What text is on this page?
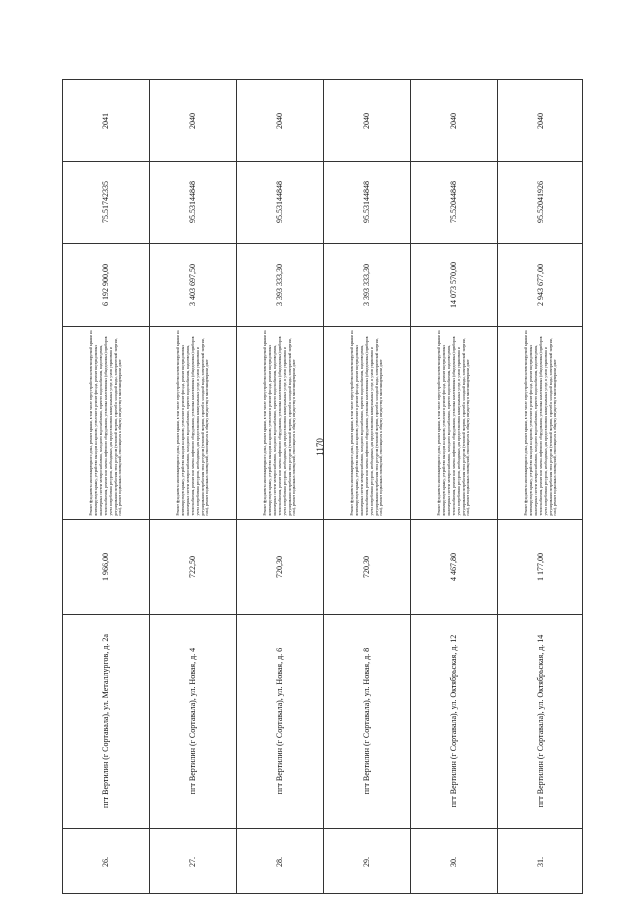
1170
2041
75.51742335
6 192 900,00
Ремонт фундамента многоквартирного дома, ремонт крыши, в том числе переустройство невентилируемой крыши на вентилируемую крышу, устройство выходов на кровлю, утепление и ремонт фасада, ремонт внутридомовых инженерных систем электроснабжения, холодного водоснабжения, горячего водоснабжения, водоотведения, теплоснабжения, ремонт или замена лифтового оборудования, установка коллективных (общедомовых) приборов учета потребления ресурсов, необходимых для предоставления коммунальных услуг, и узлов управления и регулирования потребления этих ресурсов (тепловой энергии, горячей и холодной воды, электрической энергии, газа), ремонт подвальных помещений, относящихся к общему имуществу в многоквартирном доме
1 966,00
пгт Вертилин (г Сортавала), ул. Металлургов, д. 2а
26.
2040
95.53144848
3 403 697,50
Ремонт фундамента многоквартирного дома, ремонт крыши, в том числе переустройство невентилируемой крыши на вентилируемую крышу, устройство выходов на кровлю, утепление и ремонт фасада, ремонт внутридомовых инженерных систем электроснабжения, холодного водоснабжения, горячего водоснабжения, водоотведения, теплоснабжения, ремонт или замена лифтового оборудования, установка коллективных (общедомовых) приборов учета потребления ресурсов, необходимых для предоставления коммунальных услуг, и узлов управления и регулирования потребления этих ресурсов (тепловой энергии, горячей и холодной воды, электрической энергии, газа), ремонт подвальных помещений, относящихся к общему имуществу в многоквартирном доме
722,50
пгт Вертилин (г Сортавала), ул. Новая, д. 4
27.
2040
95.53144848
3 393 333,30
Ремонт фундамента многоквартирного дома, ремонт крыши, в том числе переустройство невентилируемой крыши на вентилируемую крышу, устройство выходов на кровлю, утепление и ремонт фасада, ремонт внутридомовых инженерных систем электроснабжения, холодного водоснабжения, горячего водоснабжения, водоотведения, теплоснабжения, ремонт или замена лифтового оборудования, установка коллективных (общедомовых) приборов учета потребления ресурсов, необходимых для предоставления коммунальных услуг, и узлов управления и регулирования потребления этих ресурсов (тепловой энергии, горячей и холодной воды, электрической энергии, газа), ремонт подвальных помещений, относящихся к общему имуществу в многоквартирном доме
720,30
пгт Вертилин (г Сортавала), ул. Новая, д. 6
28.
2040
95.53144848
3 393 333,30
Ремонт фундамента многоквартирного дома, ремонт крыши, в том числе переустройство невентилируемой крыши на вентилируемую крышу, устройство выходов на кровлю, утепление и ремонт фасада, ремонт внутридомовых инженерных систем электроснабжения, холодного водоснабжения, горячего водоснабжения, водоотведения, теплоснабжения, ремонт или замена лифтового оборудования, установка коллективных (общедомовых) приборов учета потребления ресурсов, необходимых для предоставления коммунальных услуг, и узлов управления и регулирования потребления этих ресурсов (тепловой энергии, горячей и холодной воды, электрической энергии, газа), ремонт подвальных помещений, относящихся к общему имуществу в многоквартирном доме
720,30
пгт Вертилин (г Сортавала), ул. Новая, д. 8
29.
2040
75.52044848
14 073 570,00
Ремонт фундамента многоквартирного дома, ремонт крыши, в том числе переустройство невентилируемой крыши на вентилируемую крышу, устройство выходов на кровлю, утепление и ремонт фасада, ремонт внутридомовых инженерных систем электроснабжения, холодного водоснабжения, горячего водоснабжения, водоотведения, теплоснабжения, ремонт или замена лифтового оборудования, установка коллективных (общедомовых) приборов учета потребления ресурсов, необходимых для предоставления коммунальных услуг, и узлов управления и регулирования потребления этих ресурсов (тепловой энергии, горячей и холодной воды, электрической энергии, газа), ремонт подвальных помещений, относящихся к общему имуществу в многоквартирном доме
4 467,80
пгт Вертилин (г Сортавала), ул. Октябрьская, д. 12
30.
2040
95.52041926
2 943 677,00
Ремонт фундамента многоквартирного дома, ремонт крыши, в том числе переустройство невентилируемой крыши на вентилируемую крышу, устройство выходов на кровлю, утепление и ремонт фасада, ремонт внутридомовых инженерных систем электроснабжения, холодного водоснабжения, горячего водоснабжения, водоотведения, теплоснабжения, ремонт или замена лифтового оборудования, установка коллективных (общедомовых) приборов учета потребления ресурсов, необходимых для предоставления коммунальных услуг, и узлов управления и регулирования потребления этих ресурсов (тепловой энергии, горячей и холодной воды, электрической энергии, газа), ремонт подвальных помещений, относящихся к общему имуществу в многоквартирном доме
1 177,00
пгт Вертилин (г Сортавала), ул. Октябрьская, д. 14
31.
